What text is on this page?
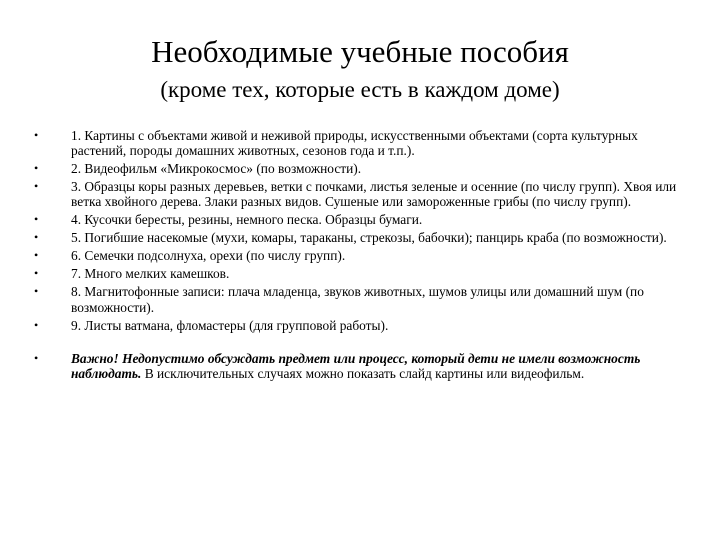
Необходимые учебные пособия
(кроме тех, которые есть в каждом доме)
•	1. Картины с объектами живой и неживой природы, искусственными объектами (сорта культурных растений, породы домашних животных, сезонов года и т.п.).
•	2. Видеофильм «Микрокосмос» (по возможности).
•	3. Образцы коры разных деревьев, ветки с почками, листья зеленые и осенние (по числу групп). Хвоя или ветка хвойного дерева. Злаки разных видов. Сушеные или замороженные грибы (по числу групп).
•	4. Кусочки бересты, резины, немного песка. Образцы бумаги.
•	5. Погибшие насекомые (мухи, комары, тараканы, стрекозы, бабочки); панцирь краба (по возможности).
•	6. Семечки подсолнуха, орехи (по числу групп).
•	7. Много мелких камешков.
•	8. Магнитофонные записи: плача младенца, звуков животных, шумов улицы или домашний шум (по возможности).
•	9. Листы ватмана, фломастеры (для групповой работы).
•	Важно! Недопустимо обсуждать предмет или процесс, который дети не имели возможность наблюдать. В исключительных случаях можно показать слайд картины или видеофильм.
